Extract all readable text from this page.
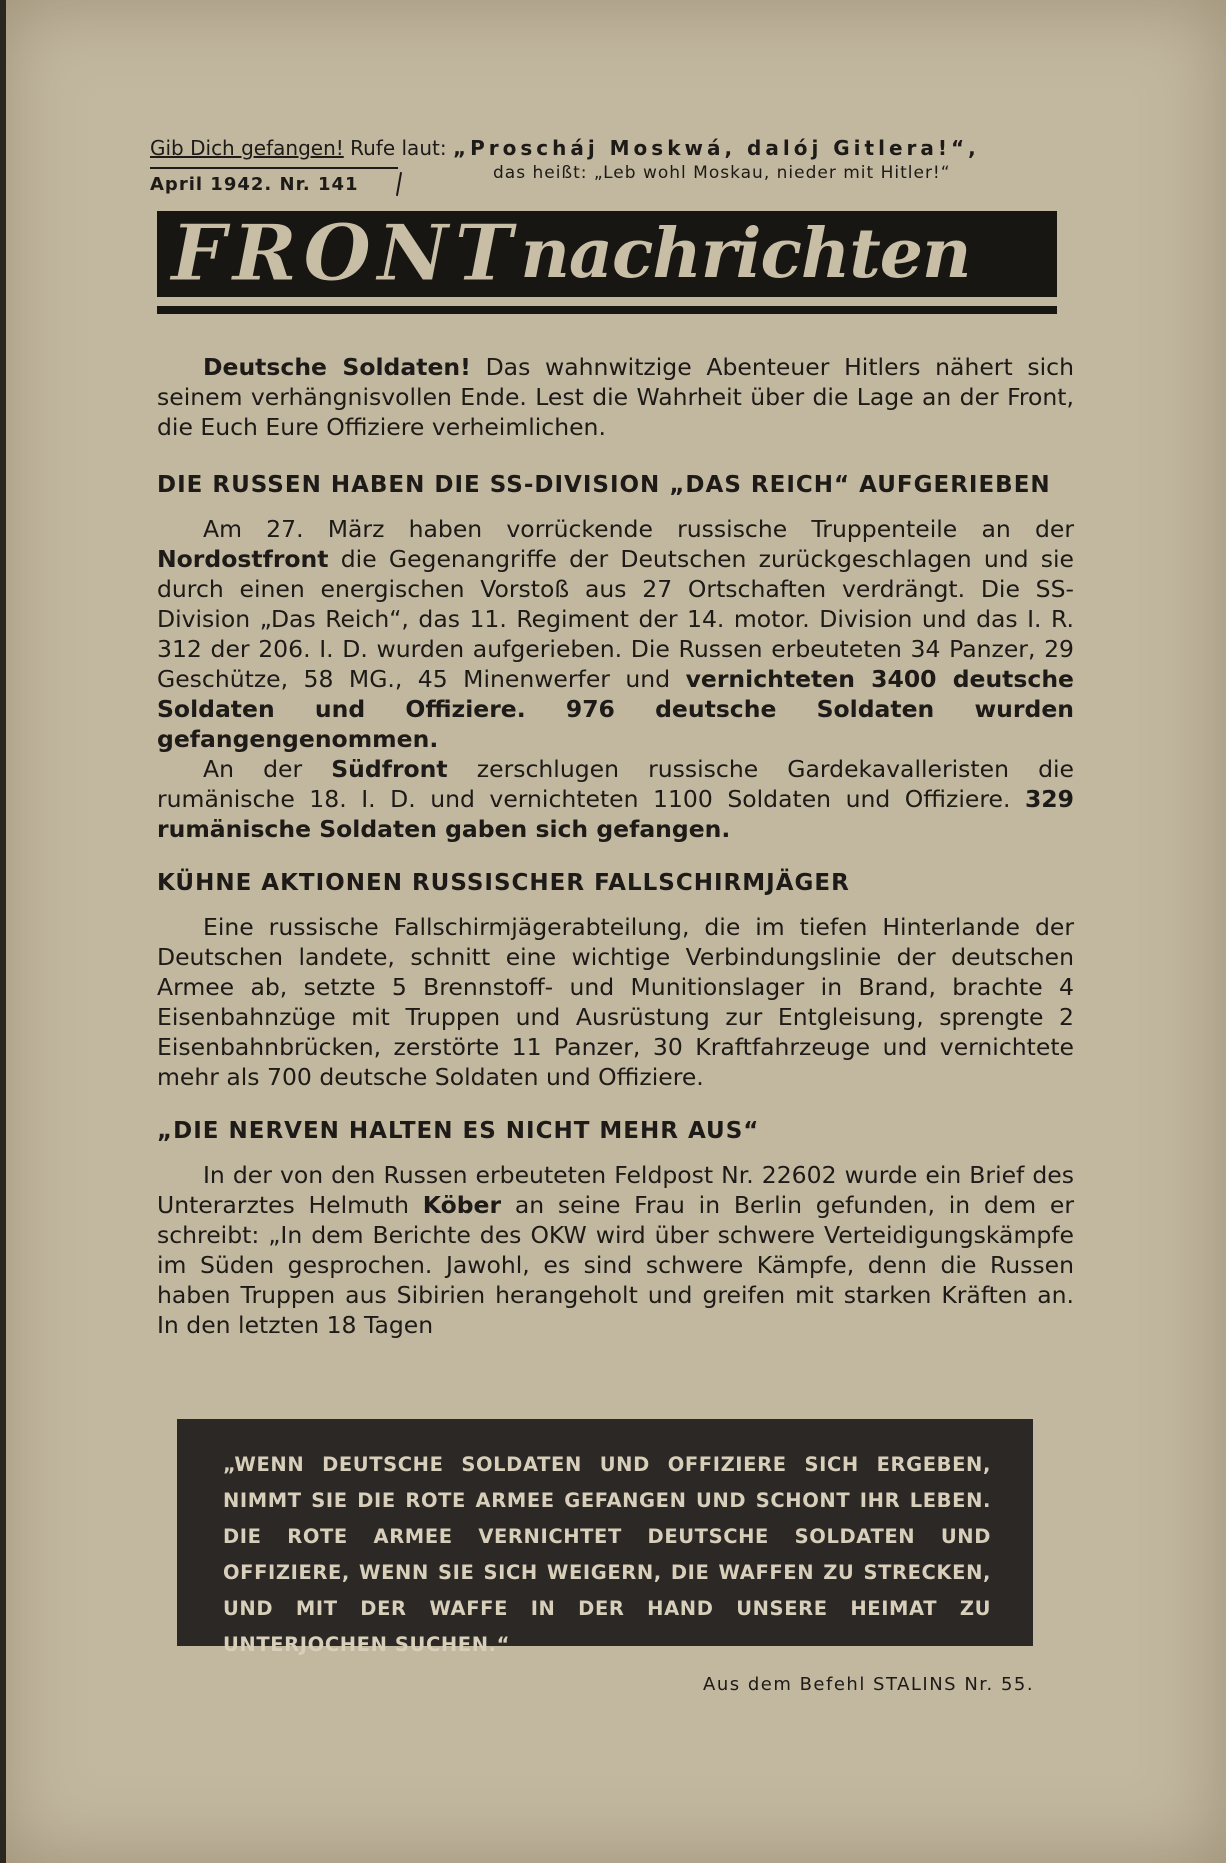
Gib Dich gefangen! Rufe laut: „Proscháj Moskwá, dalój Gitlera!“,
das heißt: „Leb wohl Moskau, nieder mit Hitler!“
April 1942. Nr. 141
FRONT nachrichten

Deutsche Soldaten! Das wahnwitzige Abenteuer Hitlers nähert sich seinem verhängnisvollen Ende. Lest die Wahrheit über die Lage an der Front, die Euch Eure Offiziere verheimlichen.

DIE RUSSEN HABEN DIE SS-DIVISION „DAS REICH“ AUFGERIEBEN

Am 27. März haben vorrückende russische Truppenteile an der Nordostfront die Gegenangriffe der Deutschen zurückgeschlagen und sie durch einen energischen Vorstoß aus 27 Ortschaften verdrängt. Die SS-Division „Das Reich“, das 11. Regiment der 14. motor. Division und das I. R. 312 der 206. I. D. wurden aufgerieben. Die Russen erbeuteten 34 Panzer, 29 Geschütze, 58 MG., 45 Minenwerfer und vernichteten 3400 deutsche Soldaten und Offiziere. 976 deutsche Soldaten wurden gefangengenommen.

An der Südfront zerschlugen russische Gardekavalleristen die rumänische 18. I. D. und vernichteten 1100 Soldaten und Offiziere. 329 rumänische Soldaten gaben sich gefangen.

KÜHNE AKTIONEN RUSSISCHER FALLSCHIRMJÄGER

Eine russische Fallschirmjägerabteilung, die im tiefen Hinterlande der Deutschen landete, schnitt eine wichtige Verbindungslinie der deutschen Armee ab, setzte 5 Brennstoff- und Munitionslager in Brand, brachte 4 Eisenbahnzüge mit Truppen und Ausrüstung zur Entgleisung, sprengte 2 Eisenbahnbrücken, zerstörte 11 Panzer, 30 Kraftfahrzeuge und vernichtete mehr als 700 deutsche Soldaten und Offiziere.

„DIE NERVEN HALTEN ES NICHT MEHR AUS“

In der von den Russen erbeuteten Feldpost Nr. 22602 wurde ein Brief des Unterarztes Helmuth Köber an seine Frau in Berlin gefunden, in dem er schreibt: „In dem Berichte des OKW wird über schwere Verteidigungskämpfe im Süden gesprochen. Jawohl, es sind schwere Kämpfe, denn die Russen haben Truppen aus Sibirien herangeholt und greifen mit starken Kräften an. In den letzten 18 Tagen

„WENN DEUTSCHE SOLDATEN UND OFFIZIERE SICH ERGEBEN, NIMMT SIE DIE ROTE ARMEE GEFANGEN UND SCHONT IHR LEBEN. DIE ROTE ARMEE VERNICHTET DEUTSCHE SOLDATEN UND OFFIZIERE, WENN SIE SICH WEIGERN, DIE WAFFEN ZU STRECKEN, UND MIT DER WAFFE IN DER HAND UNSERE HEIMAT ZU UNTERJOCHEN SUCHEN.“
Aus dem Befehl STALINS Nr. 55.
